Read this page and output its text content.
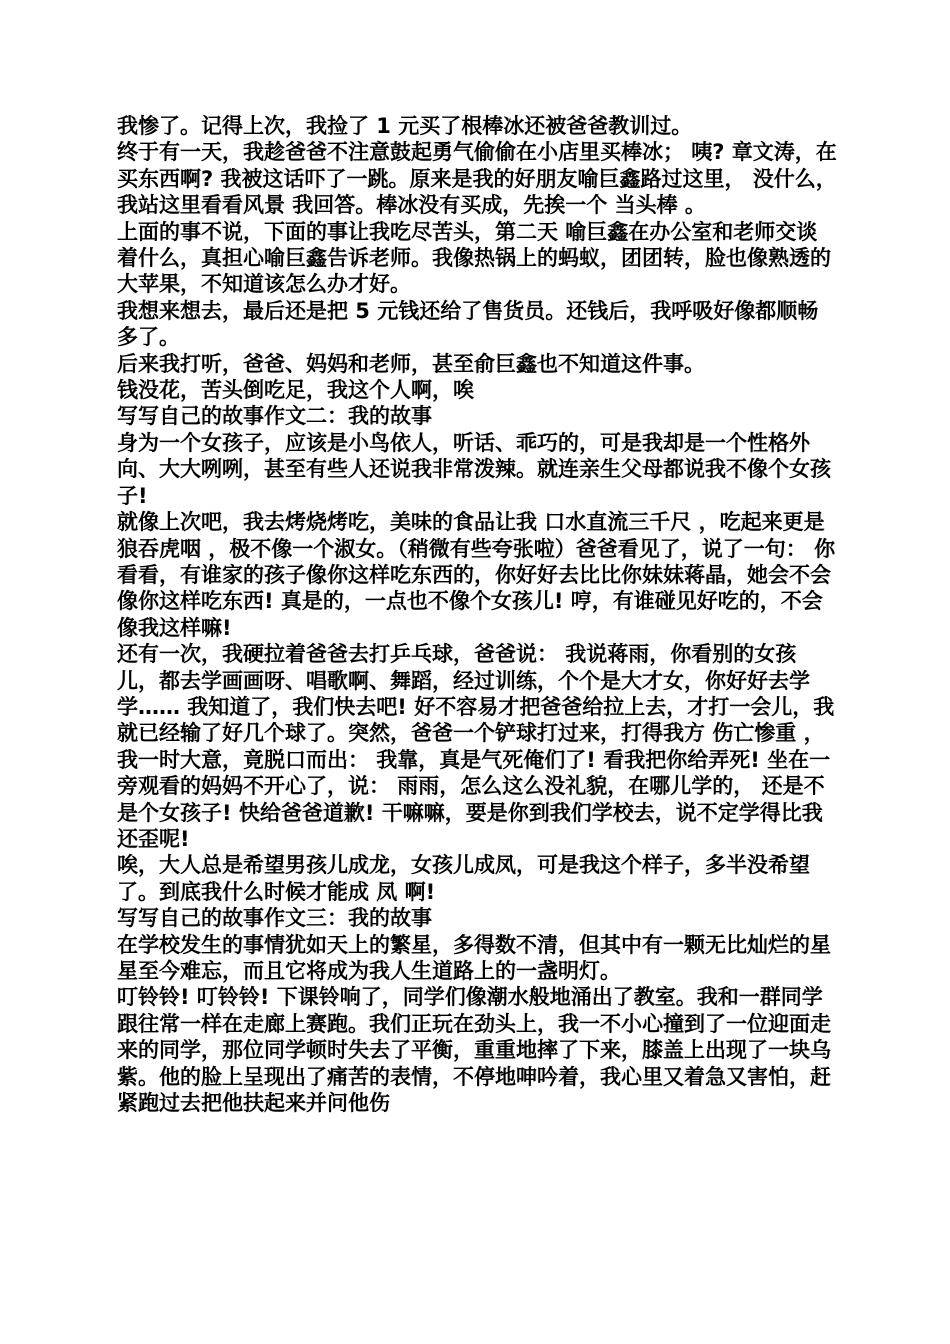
我惨了。记得上次，我捡了 1 元买了根棒冰还被爸爸教训过。

终于有一天，我趁爸爸不注意鼓起勇气偷偷在小店里买棒冰； 咦? 章文涛，在买东西啊? 我被这话吓了一跳。原来是我的好朋友喻巨鑫路过这里， 没什么，我站这里看看风景 我回答。棒冰没有买成，先挨一个 当头棒 。

上面的事不说，下面的事让我吃尽苦头，第二天 喻巨鑫在办公室和老师交谈着什么，真担心喻巨鑫告诉老师。我像热锅上的蚂蚁，团团转，脸也像熟透的大苹果，不知道该怎么办才好。

我想来想去，最后还是把 5 元钱还给了售货员。还钱后，我呼吸好像都顺畅多了。

后来我打听，爸爸、妈妈和老师，甚至俞巨鑫也不知道这件事。

钱没花，苦头倒吃足，我这个人啊，唉

写写自己的故事作文二：我的故事

身为一个女孩子，应该是小鸟依人，听话、乖巧的，可是我却是一个性格外向、大大咧咧，甚至有些人还说我非常泼辣。就连亲生父母都说我不像个女孩子!

就像上次吧，我去烤烧烤吃，美味的食品让我 口水直流三千尺 ，吃起来更是 狼吞虎咽 ，极不像一个淑女。（稍微有些夸张啦）爸爸看见了，说了一句： 你看看，有谁家的孩子像你这样吃东西的，你好好去比比你妹妹蒋晶，她会不会像你这样吃东西! 真是的，一点也不像个女孩儿! 哼，有谁碰见好吃的，不会像我这样嘛!

还有一次，我硬拉着爸爸去打乒乓球，爸爸说： 我说蒋雨，你看别的女孩儿，都去学画画呀、唱歌啊、舞蹈，经过训练，个个是大才女，你好好去学学…… 我知道了，我们快去吧! 好不容易才把爸爸给拉上去，才打一会儿，我就已经输了好几个球了。突然，爸爸一个铲球打过来，打得我方 伤亡惨重 ，我一时大意，竟脱口而出： 我靠，真是气死俺们了! 看我把你给弄死! 坐在一旁观看的妈妈不开心了，说： 雨雨，怎么这么没礼貌，在哪儿学的， 还是不是个女孩子! 快给爸爸道歉! 干嘛嘛，要是你到我们学校去，说不定学得比我还歪呢!

唉，大人总是希望男孩儿成龙，女孩儿成凤，可是我这个样子，多半没希望了。到底我什么时候才能成 凤 啊!

写写自己的故事作文三：我的故事

在学校发生的事情犹如天上的繁星，多得数不清，但其中有一颗无比灿烂的星星至今难忘，而且它将成为我人生道路上的一盏明灯。

叮铃铃! 叮铃铃! 下课铃响了，同学们像潮水般地涌出了教室。我和一群同学跟往常一样在走廊上赛跑。我们正玩在劲头上，我一不小心撞到了一位迎面走来的同学，那位同学顿时失去了平衡，重重地摔了下来，膝盖上出现了一块乌紫。他的脸上呈现出了痛苦的表情，不停地呻吟着，我心里又着急又害怕，赶紧跑过去把他扶起来并问他伤
